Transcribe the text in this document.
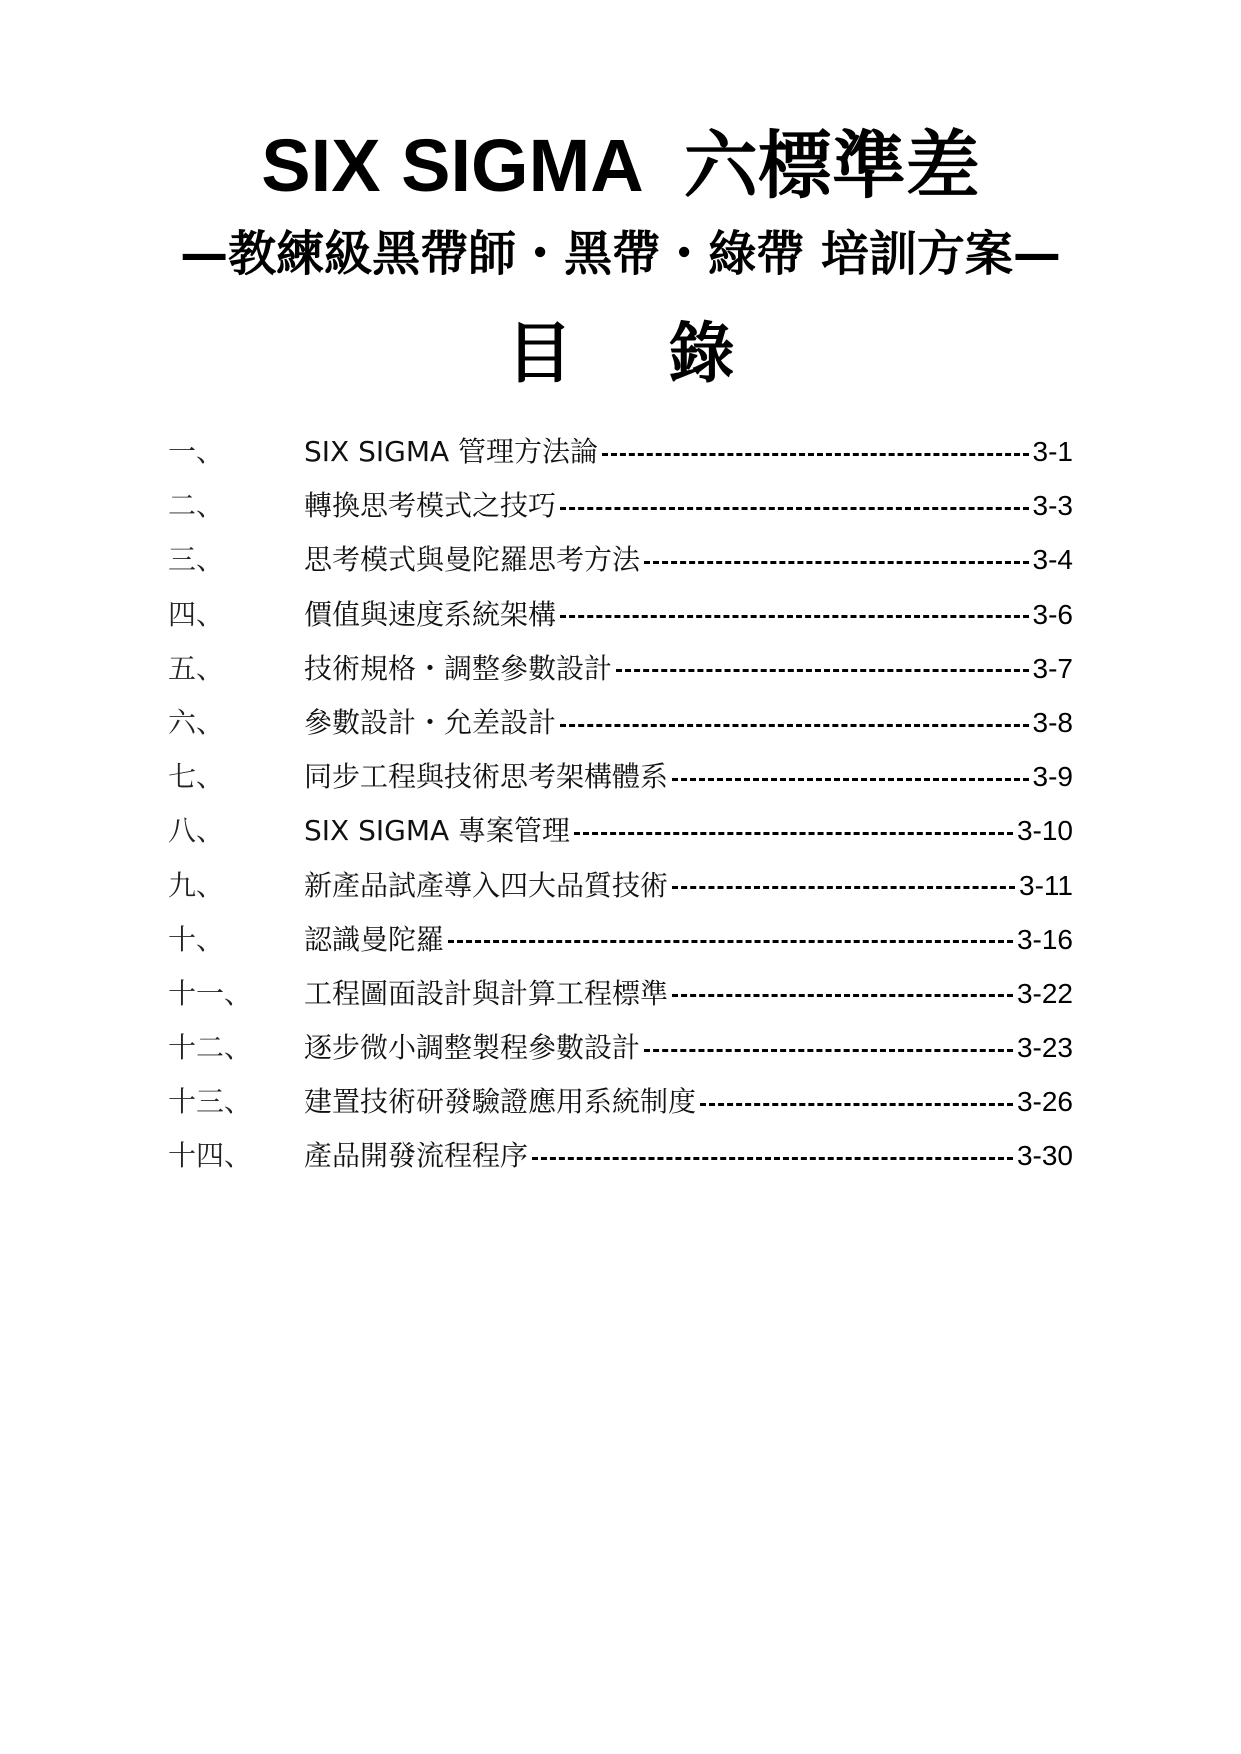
SIX SIGMA 六標準差
—教練級黑帶師・黑帶・綠帶 培訓方案—
目 錄
一、	SIX SIGMA 管理方法論	3-1
二、	轉換思考模式之技巧	3-3
三、	思考模式與曼陀羅思考方法	3-4
四、	價值與速度系統架構	3-6
五、	技術規格・調整參數設計	3-7
六、	參數設計・允差設計	3-8
七、	同步工程與技術思考架構體系	3-9
八、	SIX SIGMA 專案管理	3-10
九、	新產品試產導入四大品質技術	3-11
十、	認識曼陀羅	3-16
十一、 工程圖面設計與計算工程標準	3-22
十二、 逐步微小調整製程參數設計	3-23
十三、 建置技術研發驗證應用系統制度	3-26
十四、 產品開發流程程序	3-30
